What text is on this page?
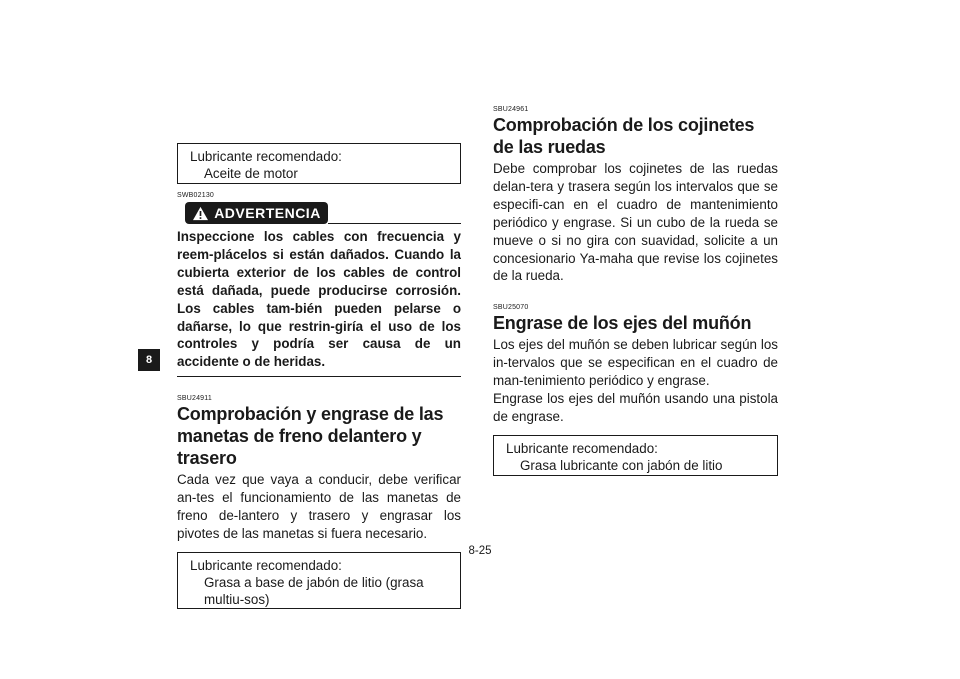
8
Lubricante recomendado:
Aceite de motor

SWB02130

ADVERTENCIA

Inspeccione los cables con frecuencia y reem-plácelos si están dañados. Cuando la cubierta exterior de los cables de control está dañada, puede producirse corrosión. Los cables tam-bién pueden pelarse o dañarse, lo que restrin-giría el uso de los controles y podría ser causa de un accidente o de heridas.

SBU24911

Comprobación y engrase de las manetas de freno delantero y trasero

Cada vez que vaya a conducir, debe verificar an-tes el funcionamiento de las manetas de freno de-lantero y trasero y engrasar los pivotes de las manetas si fuera necesario.

Lubricante recomendado:
Grasa a base de jabón de litio (grasa multiu-sos)

SBU24961

Comprobación de los cojinetes de las ruedas

Debe comprobar los cojinetes de las ruedas delan-tera y trasera según los intervalos que se especifi-can en el cuadro de mantenimiento periódico y engrase. Si un cubo de la rueda se mueve o si no gira con suavidad, solicite a un concesionario Ya-maha que revise los cojinetes de la rueda.

SBU25070

Engrase de los ejes del muñón

Los ejes del muñón se deben lubricar según los in-tervalos que se especifican en el cuadro de man-tenimiento periódico y engrase.

Engrase los ejes del muñón usando una pistola de engrase.

Lubricante recomendado:
Grasa lubricante con jabón de litio
8-25
